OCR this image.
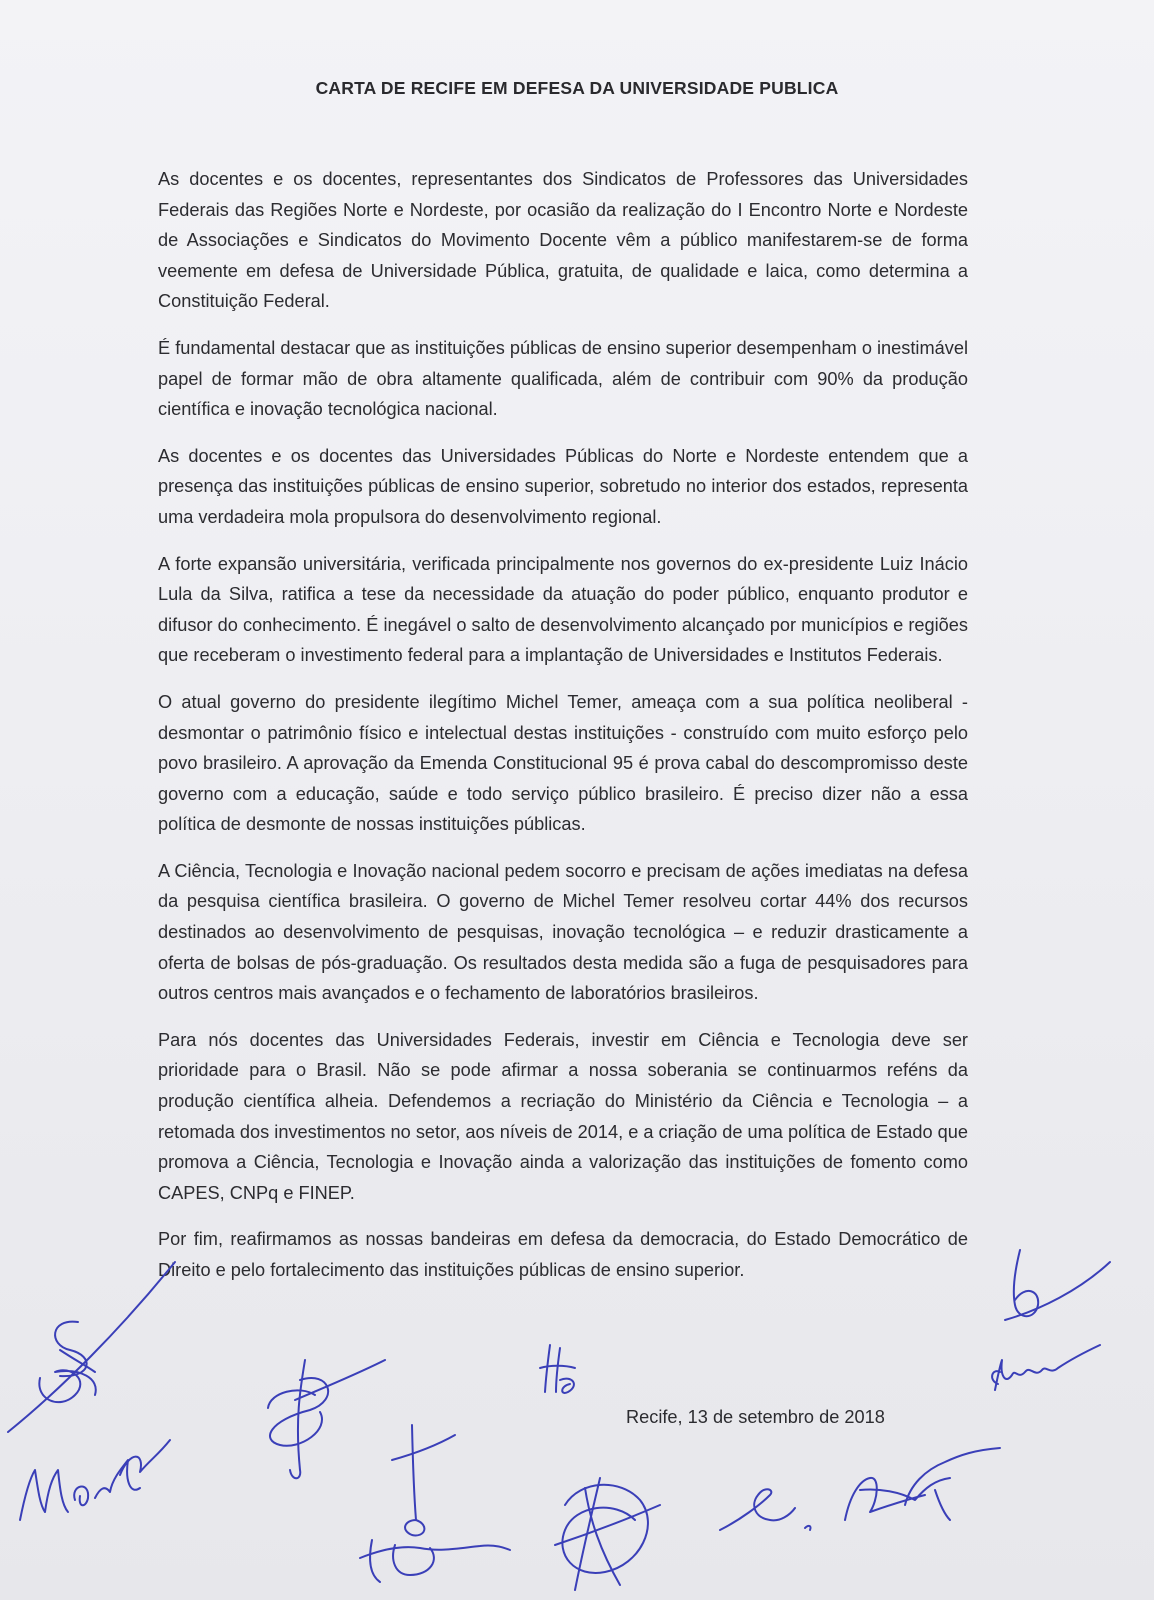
CARTA DE RECIFE EM DEFESA DA UNIVERSIDADE PUBLICA

As docentes e os docentes, representantes dos Sindicatos de Professores das Universidades Federais das Regiões Norte e Nordeste, por ocasião da realização do I Encontro Norte e Nordeste de Associações e Sindicatos do Movimento Docente vêm a público manifestarem-se de forma veemente em defesa de Universidade Pública, gratuita, de qualidade e laica, como determina a Constituição Federal.

É fundamental destacar que as instituições públicas de ensino superior desempenham o inestimável papel de formar mão de obra altamente qualificada, além de contribuir com 90% da produção científica e inovação tecnológica nacional.

As docentes e os docentes das Universidades Públicas do Norte e Nordeste entendem que a presença das instituições públicas de ensino superior, sobretudo no interior dos estados, representa uma verdadeira mola propulsora do desenvolvimento regional.

A forte expansão universitária, verificada principalmente nos governos do ex-presidente Luiz Inácio Lula da Silva, ratifica a tese da necessidade da atuação do poder público, enquanto produtor e difusor do conhecimento. É inegável o salto de desenvolvimento alcançado por municípios e regiões que receberam o investimento federal para a implantação de Universidades e Institutos Federais.

O atual governo do presidente ilegítimo Michel Temer, ameaça com a sua política neoliberal - desmontar o patrimônio físico e intelectual destas instituições - construído com muito esforço pelo povo brasileiro. A aprovação da Emenda Constitucional 95 é prova cabal do descompromisso deste governo com a educação, saúde e todo serviço público brasileiro. É preciso dizer não a essa política de desmonte de nossas instituições públicas.

A Ciência, Tecnologia e Inovação nacional pedem socorro e precisam de ações imediatas na defesa da pesquisa científica brasileira. O governo de Michel Temer resolveu cortar 44% dos recursos destinados ao desenvolvimento de pesquisas, inovação tecnológica – e reduzir drasticamente a oferta de bolsas de pós-graduação. Os resultados desta medida são a fuga de pesquisadores para outros centros mais avançados e o fechamento de laboratórios brasileiros.

Para nós docentes das Universidades Federais, investir em Ciência e Tecnologia deve ser prioridade para o Brasil. Não se pode afirmar a nossa soberania se continuarmos reféns da produção científica alheia. Defendemos a recriação do Ministério da Ciência e Tecnologia – a retomada dos investimentos no setor, aos níveis de 2014, e a criação de uma política de Estado que promova a Ciência, Tecnologia e Inovação ainda a valorização das instituições de fomento como CAPES, CNPq e FINEP.

Por fim, reafirmamos as nossas bandeiras em defesa da democracia, do Estado Democrático de Direito e pelo fortalecimento das instituições públicas de ensino superior.

Recife, 13 de setembro de 2018
